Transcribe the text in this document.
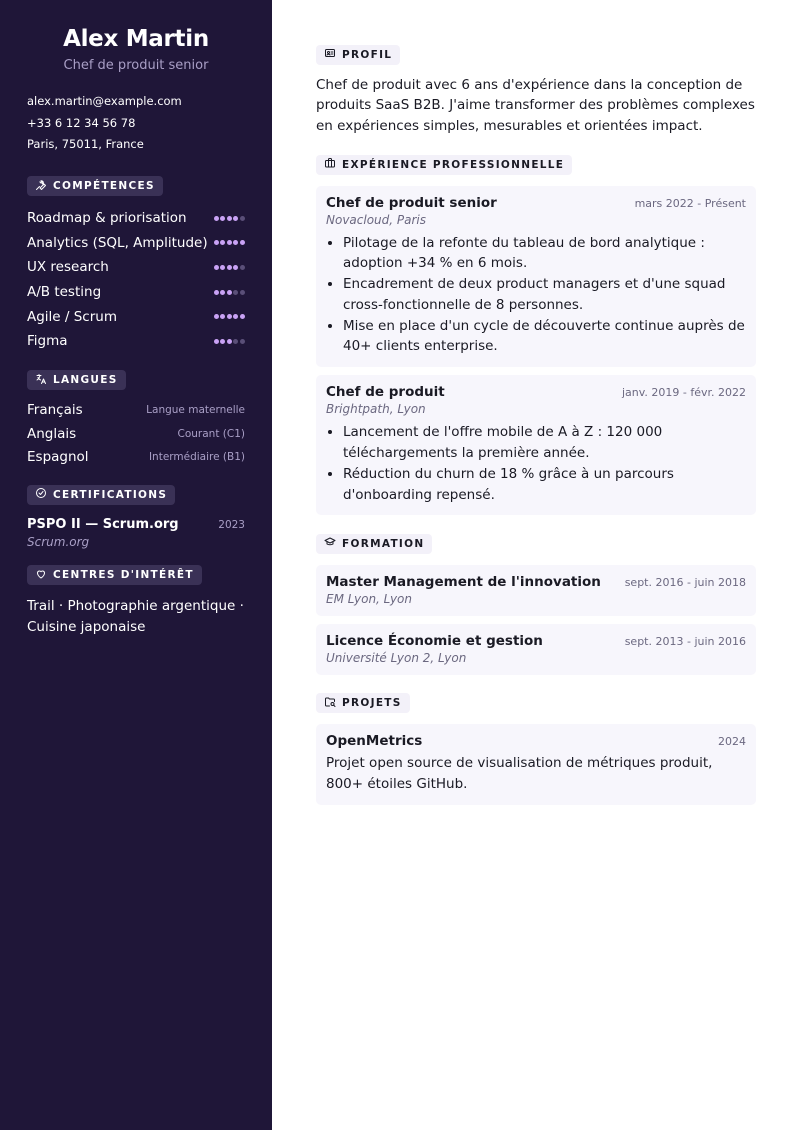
Alex Martin
Chef de produit senior
alex.martin@example.com
+33 6 12 34 56 78
Paris, 75011, France
COMPÉTENCES
Roadmap & priorisation
Analytics (SQL, Amplitude)
UX research
A/B testing
Agile / Scrum
Figma
LANGUES
Français	Langue maternelle
Anglais	Courant (C1)
Espagnol	Intermédiaire (B1)
CERTIFICATIONS
PSPO II — Scrum.org	2023
Scrum.org
CENTRES D'INTÉRÊT
Trail · Photographie argentique · Cuisine japonaise
PROFIL

Chef de produit avec 6 ans d'expérience dans la conception de produits SaaS B2B. J'aime transformer des problèmes complexes en expériences simples, mesurables et orientées impact.

EXPÉRIENCE PROFESSIONNELLE
Chef de produit senior	mars 2022 - Présent
Novacloud, Paris
• Pilotage de la refonte du tableau de bord analytique : adoption +34 % en 6 mois.
• Encadrement de deux product managers et d'une squad cross-fonctionnelle de 8 personnes.
• Mise en place d'un cycle de découverte continue auprès de 40+ clients enterprise.
Chef de produit	janv. 2019 - févr. 2022
Brightpath, Lyon
• Lancement de l'offre mobile de A à Z : 120 000 téléchargements la première année.
• Réduction du churn de 18 % grâce à un parcours d'onboarding repensé.
FORMATION
Master Management de l'innovation sept. 2016 - juin 2018
EM Lyon, Lyon
Licence Économie et gestion	sept. 2013 - juin 2016
Université Lyon 2, Lyon
PROJETS
OpenMetrics	2024
Projet open source de visualisation de métriques produit, 800+ étoiles GitHub.
